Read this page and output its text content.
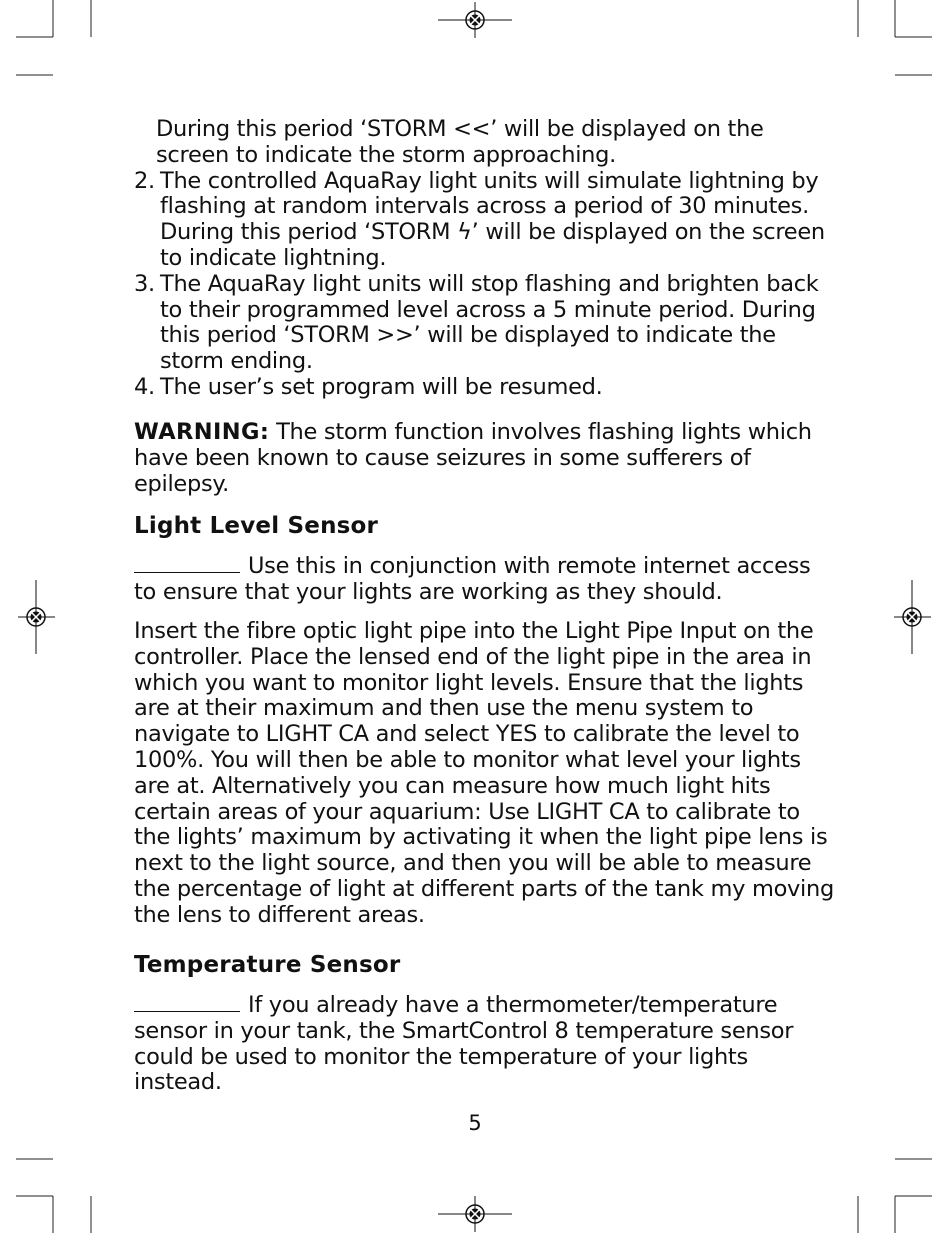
During this period ‘STORM <<’ will be displayed on the screen to indicate the storm approaching.
2. The controlled AquaRay light units will simulate lightning by flashing at random intervals across a period of 30 minutes. During this period ‘STORM ϟ’ will be displayed on the screen to indicate lightning.
3. The AquaRay light units will stop flashing and brighten back to their programmed level across a 5 minute period. During this period ‘STORM >>’ will be displayed to indicate the storm ending.
4. The user’s set program will be resumed.
WARNING: The storm function involves flashing lights which have been known to cause seizures in some sufferers of epilepsy.
Light Level Sensor
Use this in conjunction with remote internet access to ensure that your lights are working as they should.
Insert the fibre optic light pipe into the Light Pipe Input on the controller. Place the lensed end of the light pipe in the area in which you want to monitor light levels. Ensure that the lights are at their maximum and then use the menu system to navigate to LIGHT CA and select YES to calibrate the level to 100%. You will then be able to monitor what level your lights are at. Alternatively you can measure how much light hits certain areas of your aquarium: Use LIGHT CA to calibrate to the lights’ maximum by activating it when the light pipe lens is next to the light source, and then you will be able to measure the percentage of light at different parts of the tank my moving the lens to different areas.
Temperature Sensor
If you already have a thermometer/temperature sensor in your tank, the SmartControl 8 temperature sensor could be used to monitor the temperature of your lights instead.
5
